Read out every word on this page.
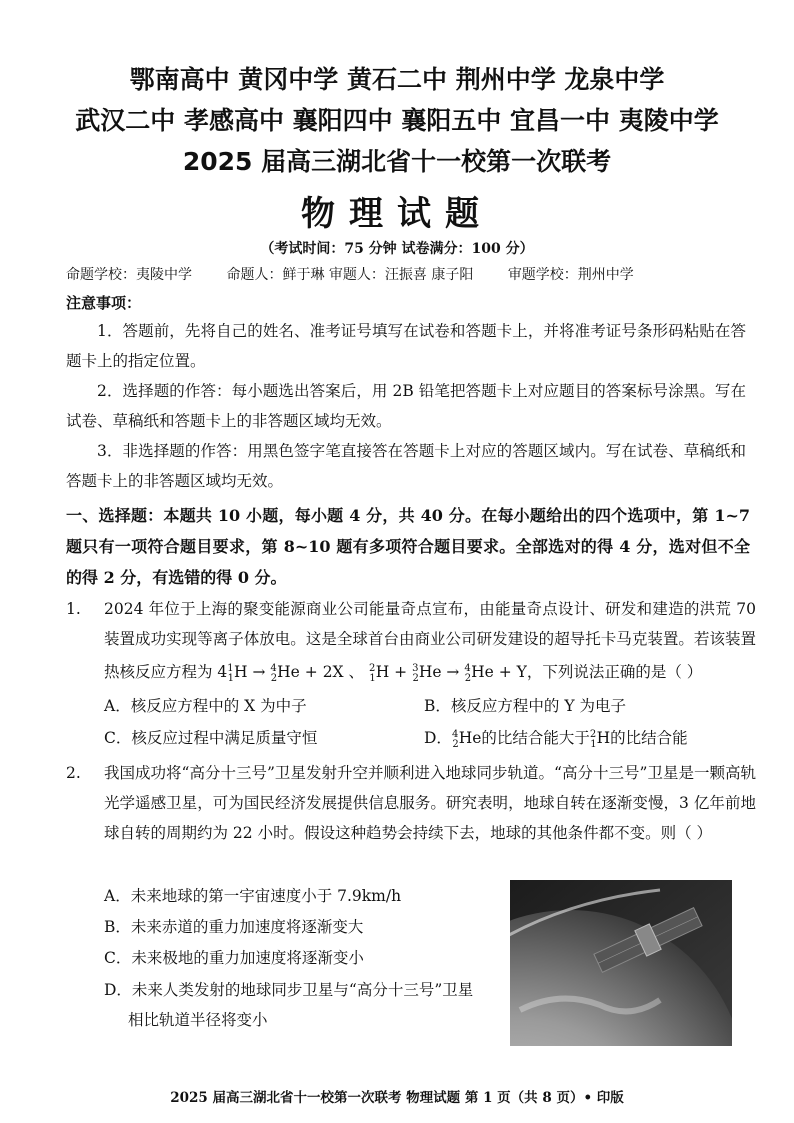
鄂南高中 黄冈中学 黄石二中 荆州中学 龙泉中学
武汉二中 孝感高中 襄阳四中 襄阳五中 宜昌一中 夷陵中学
2025 届高三湖北省十一校第一次联考
物理试题
（考试时间：75 分钟 试卷满分：100 分）
命题学校：夷陵中学 命题人：鲜于琳 审题人：汪振喜 康子阳 审题学校：荆州中学
注意事项：
1．答题前，先将自己的姓名、准考证号填写在试卷和答题卡上，并将准考证号条形码粘贴在答题卡上的指定位置。
2．选择题的作答：每小题选出答案后，用 2B 铅笔把答题卡上对应题目的答案标号涂黑。写在试卷、草稿纸和答题卡上的非答题区域均无效。
3．非选择题的作答：用黑色签字笔直接答在答题卡上对应的答题区域内。写在试卷、草稿纸和答题卡上的非答题区域均无效。
一、选择题：本题共 10 小题，每小题 4 分，共 40 分。在每小题给出的四个选项中，第 1~7 题只有一项符合题目要求，第 8~10 题有多项符合题目要求。全部选对的得 4 分，选对但不全的得 2 分，有选错的得 0 分。
1. 2024 年位于上海的聚变能源商业公司能量奇点宣布，由能量奇点设计、研发和建造的洪荒 70 装置成功实现等离子体放电。这是全球首台由商业公司研发建设的超导托卡马克装置。若该装置热核反应方程为 $4^1_1H \to ^4_2He + 2X$ 、 $^2_1$H + $^3_2$He → $^4_2$He + Y，下列说法正确的是（ ）
A．核反应方程中的 X 为中子	B．核反应方程中的 Y 为电子
C．核反应过程中满足质量守恒	D．$^4_2$He的比结合能大于$^2_1$H的比结合能
2. 我国成功将“高分十三号”卫星发射升空并顺利进入地球同步轨道。“高分十三号”卫星是一颗高轨光学遥感卫星，可为国民经济发展提供信息服务。研究表明，地球自转在逐渐变慢，3 亿年前地球自转的周期约为 22 小时。假设这种趋势会持续下去，地球的其他条件都不变。则（ ）
A．未来地球的第一宇宙速度小于 7.9km/h
B．未来赤道的重力加速度将逐渐变大
C．未来极地的重力加速度将逐渐变小
D．未来人类发射的地球同步卫星与“高分十三号”卫星
相比轨道半径将变小
2025 届高三湖北省十一校第一次联考 物理试题 第 1 页（共 8 页）• 印版
